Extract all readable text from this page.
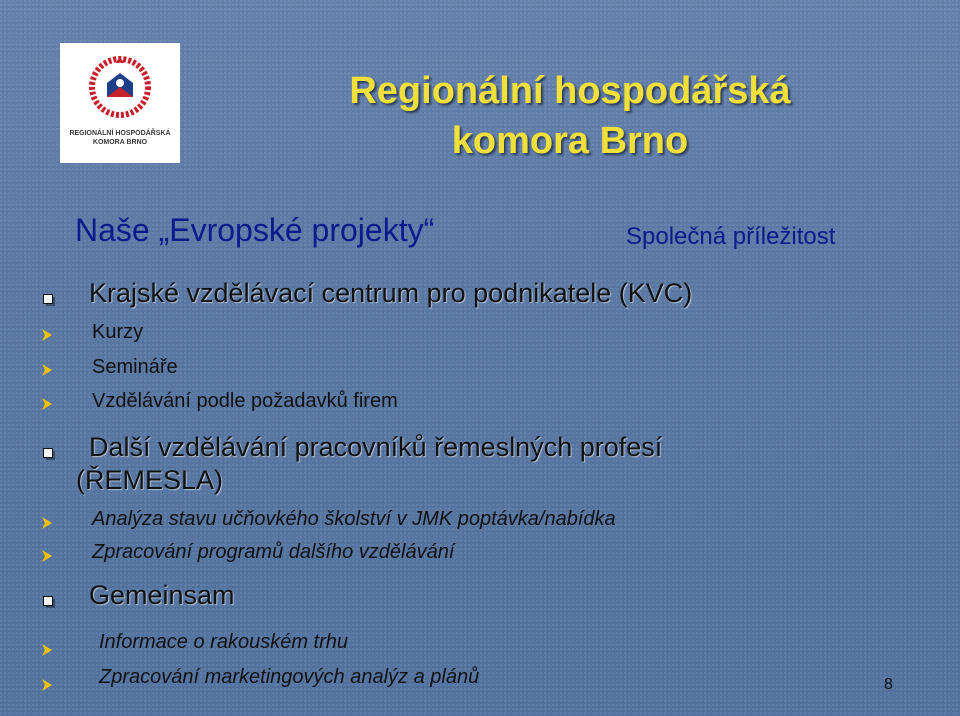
REGIONÁLNÍ HOSPODÁŘSKÁ
KOMORA BRNO
Regionální hospodářská
komora Brno
Naše „Evropské projekty“	Společná příležitost
Krajské vzdělávací centrum pro podnikatele (KVC)
Kurzy
Semináře
Vzdělávání podle požadavků firem
Další vzdělávání pracovníků řemeslných profesí
(ŘEMESLA)
Analýza stavu učňovkého školství v JMK poptávka/nabídka
Zpracování programů dalšího vzdělávání
Gemeinsam
Informace o rakouském trhu
Zpracování marketingových analýz a plánů	8
